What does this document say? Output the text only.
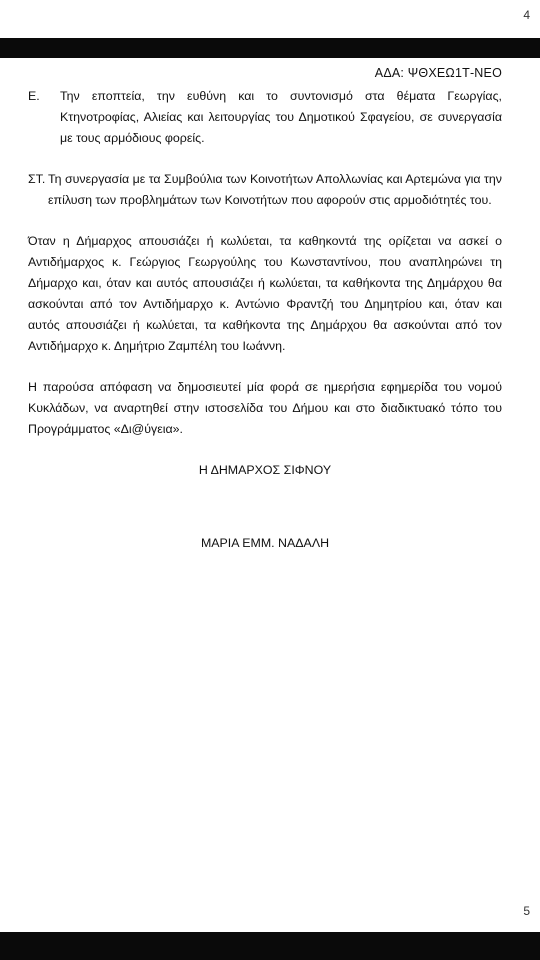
4
ΑΔΑ: ΨΘΧΕΩ1Τ-ΝΕΟ
Ε.	Την εποπτεία, την ευθύνη και το συντονισμό στα θέματα Γεωργίας, Κτηνοτροφίας, Αλιείας και λειτουργίας του Δημοτικού Σφαγείου, σε συνεργασία με τους αρμόδιους φορείς.
ΣΤ. Τη συνεργασία με τα Συμβούλια των Κοινοτήτων Απολλωνίας και Αρτεμώνα για την επίλυση των προβλημάτων των Κοινοτήτων που αφορούν στις αρμοδιότητές του.

Όταν η Δήμαρχος απουσιάζει ή κωλύεται, τα καθηκοντά της ορίζεται να ασκεί ο Αντιδήμαρχος κ. Γεώργιος Γεωργούλης του Κωνσταντίνου, που αναπληρώνει τη Δήμαρχο και, όταν και αυτός απουσιάζει ή κωλύεται, τα καθήκοντα της Δημάρχου θα ασκούνται από τον Αντιδήμαρχο κ. Αντώνιο Φραντζή του Δημητρίου και, όταν και αυτός απουσιάζει ή κωλύεται, τα καθήκοντα της Δημάρχου θα ασκούνται από τον Αντιδήμαρχο κ. Δημήτριο Ζαμπέλη του Ιωάννη.

Η παρούσα απόφαση να δημοσιευτεί μία φορά σε ημερήσια εφημερίδα του νομού Κυκλάδων, να αναρτηθεί στην ιστοσελίδα του Δήμου και στο διαδικτυακό τόπο του Προγράμματος «Δι@ύγεια».

Η ΔΗΜΑΡΧΟΣ ΣΙΦΝΟΥ
ΜΑΡΙΑ ΕΜΜ. ΝΑΔΑΛΗ
5
